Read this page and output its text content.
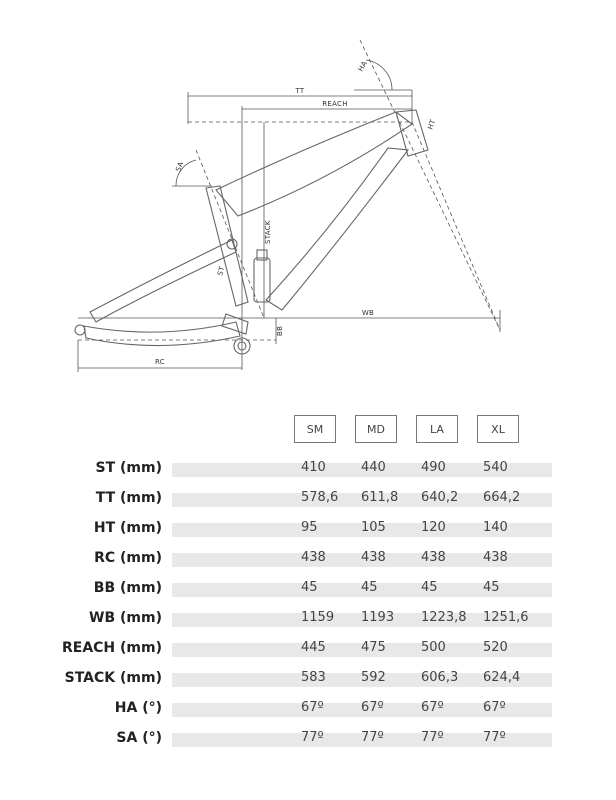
TT
REACH
HA
HT
SA
STACK
ST
WB
BB
RC
SM	MD	LA	XL
ST (mm)	410	440	490	540
TT (mm)	578,6 611,8 640,2 664,2
HT (mm)	95	105	120	140
RC (mm)	438	438	438	438
BB (mm)	45	45	45	45
WB (mm)	1159 1193 1223,8 1251,6
REACH (mm)	445	475	500	520
STACK (mm)	583	592	606,3 624,4
HA (°)	67º	67º	67º	67º
SA (°)	77º	77º	77º	77º
